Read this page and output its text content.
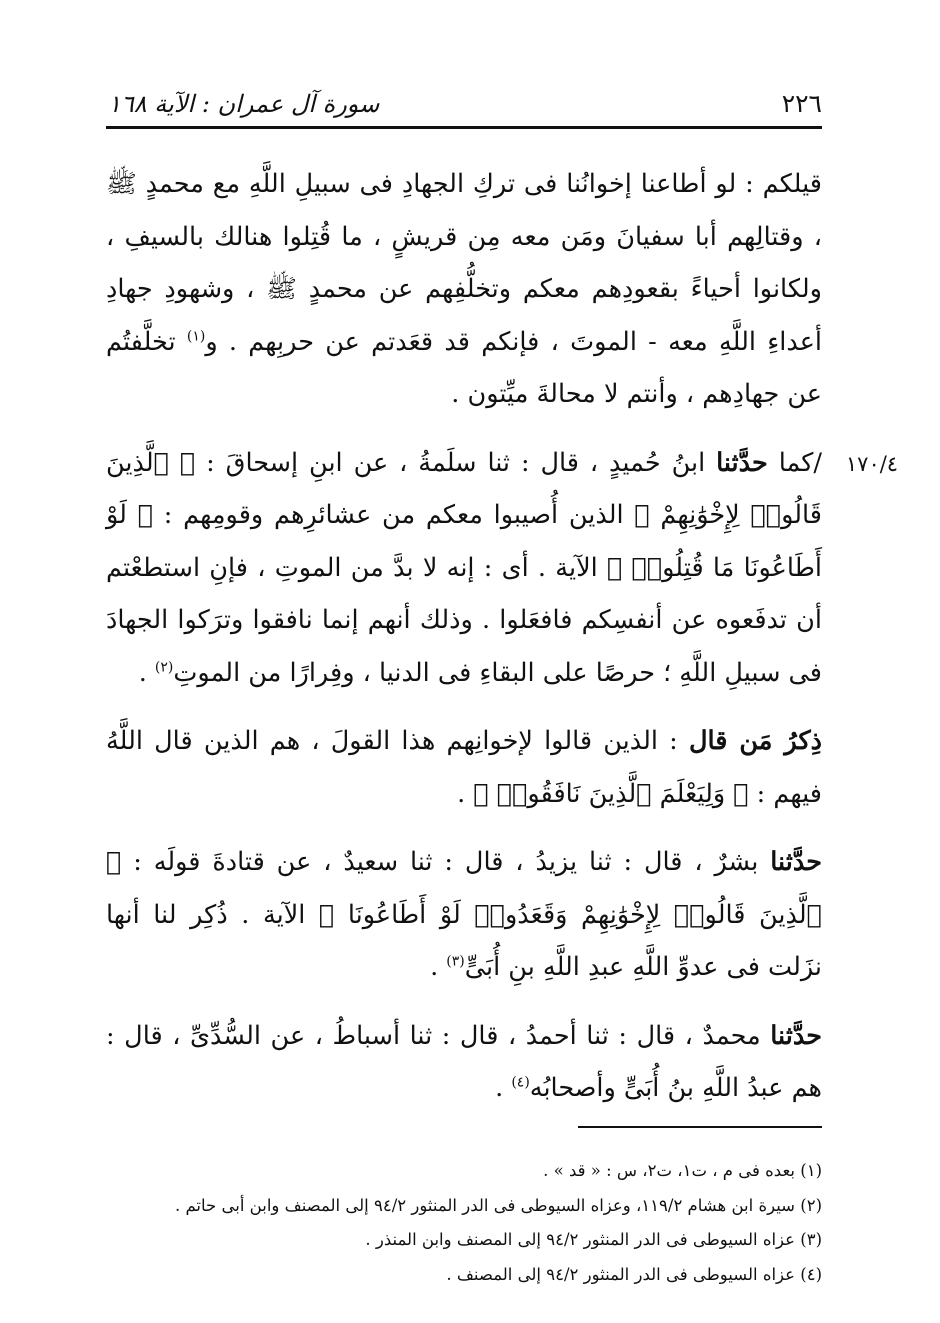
٢٢٦
سورة آل عمران : الآية ١٦٨
١٧٠/٤

قيلكم : لو أطاعنا إخوانُنا فى تركِ الجهادِ فى سبيلِ اللَّهِ مع محمدٍ ﷺ ، وقتالِهم أبا سفيانَ ومَن معه مِن قريشٍ ، ما قُتِلوا هنالك بالسيفِ ، ولكانوا أحياءً بقعودِهم معكم وتخلُّفِهم عن محمدٍ ﷺ ، وشهودِ جهادِ أعداءِ اللَّهِ معه - الموتَ ، فإنكم قد قعَدتم عن حربِهم . و$^{(١)}$ تخلَّفتُم عن جهادِهم ، وأنتم لا محالةَ ميِّتون .

/كما حدَّثنا ابنُ حُميدٍ ، قال : ثنا سلَمةُ ، عن ابنِ إسحاقَ : ﴿ ٱلَّذِينَ قَالُوا۟ لِإِخْوَٰنِهِمْ ﴾ الذين أُصيبوا معكم من عشائرِهم وقومِهم : ﴿ لَوْ أَطَاعُونَا مَا قُتِلُوا۟ ﴾ الآية . أى : إنه لا بدَّ من الموتِ ، فإنِ استطعْتم أن تدفَعوه عن أنفسِكم فافعَلوا . وذلك أنهم إنما نافقوا وترَكوا الجهادَ فى سبيلِ اللَّهِ ؛ حرصًا على البقاءِ فى الدنيا ، وفِرارًا من الموتِ$^{(٢)}$ .

ذِكرُ مَن قال : الذين قالوا لإخوانِهم هذا القولَ ، هم الذين قال اللَّهُ فيهم : ﴿ وَلِيَعْلَمَ ٱلَّذِينَ نَافَقُوا۟ ﴾ .

حدَّثنا بشرٌ ، قال : ثنا يزيدُ ، قال : ثنا سعيدٌ ، عن قتادةَ قولَه : ﴿ ٱلَّذِينَ قَالُوا۟ لِإِخْوَٰنِهِمْ وَقَعَدُوا۟ لَوْ أَطَاعُونَا ﴾ الآية . ذُكِر لنا أنها نزَلت فى عدوِّ اللَّهِ عبدِ اللَّهِ بنِ أُبَىٍّ$^{(٣)}$ .

حدَّثنا محمدٌ ، قال : ثنا أحمدُ ، قال : ثنا أسباطُ ، عن السُّدِّىِّ ، قال : هم عبدُ اللَّهِ بنُ أُبَىٍّ وأصحابُه$^{(٤)}$ .

(١) بعده فى م ، ت١، ت٢، س : « قد » .
(٢) سيرة ابن هشام ١١٩/٢، وعزاه السيوطى فى الدر المنثور ٩٤/٢ إلى المصنف وابن أبى حاتم .
(٣) عزاه السيوطى فى الدر المنثور ٩٤/٢ إلى المصنف وابن المنذر .
(٤) عزاه السيوطى فى الدر المنثور ٩٤/٢ إلى المصنف .
